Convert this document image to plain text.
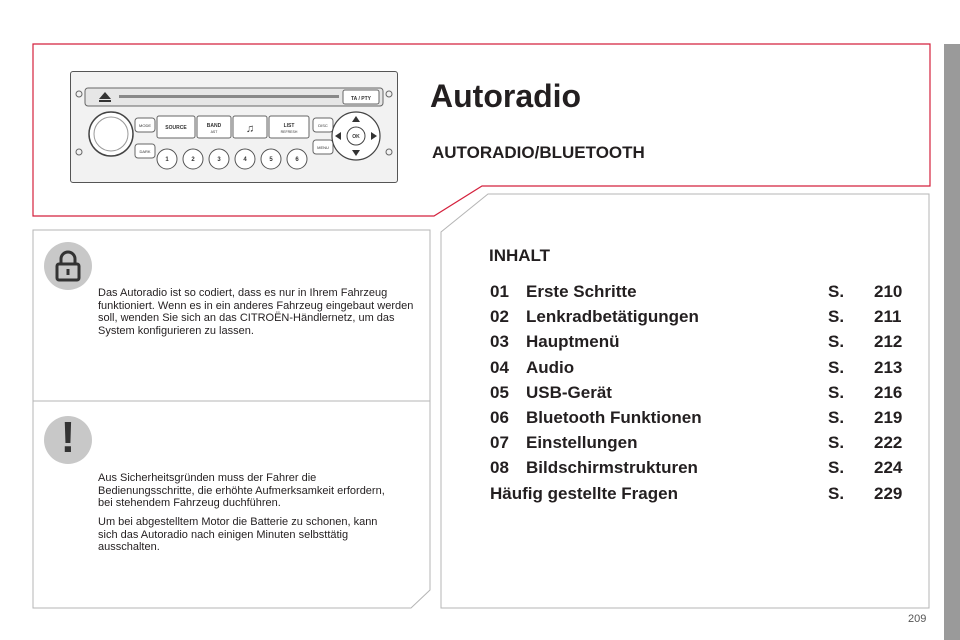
TA / PTY
MODE
DARK
SOURCE	BAND
AST	♫	LIST
REFRESH
DISC
MENU
OK
1	2	3	4	5	6
Autoradio
AUTORADIO/BLUETOOTH

Das Autoradio ist so codiert, dass es nur in Ihrem Fahrzeug funktioniert. Wenn es in ein anderes Fahrzeug eingebaut werden soll, wenden Sie sich an das CITROËN-Händlernetz, um das System konfigurieren zu lassen.

!

Aus Sicherheitsgründen muss der Fahrer die Bedienungsschritte, die erhöhte Aufmerksamkeit erfordern, bei stehendem Fahrzeug duchführen.

Um bei abgestelltem Motor die Batterie zu schonen, kann sich das Autoradio nach einigen Minuten selbsttätig ausschalten.

INHALT
01 Erste Schritte	S. 210
02 Lenkradbetätigungen	S. 211
03 Hauptmenü	S. 212
04 Audio	S. 213
05 USB-Gerät	S. 216
06 Bluetooth Funktionen	S. 219
07 Einstellungen	S. 222
08 Bildschirmstrukturen	S. 224
Häufig gestellte Fragen	S. 229
209
